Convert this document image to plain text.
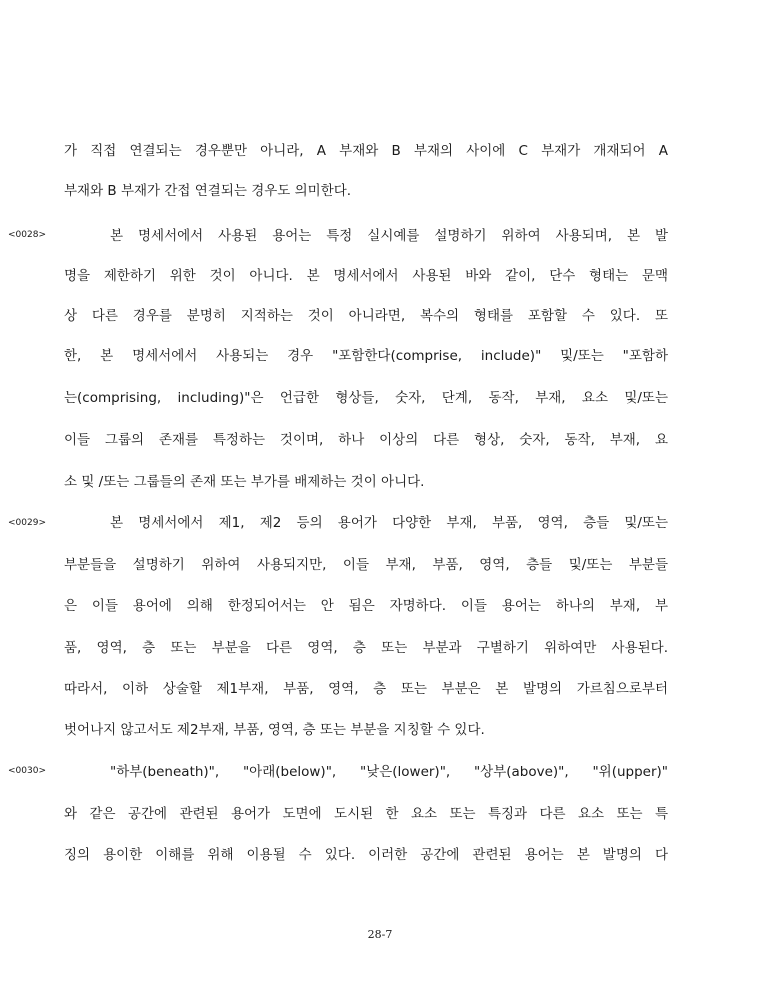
가 직접 연결되는 경우뿐만 아니라, A 부재와 B 부재의 사이에 C 부재가 개재되어 A
부재와 B 부재가 간접 연결되는 경우도 의미한다.
<0028>	본 명세서에서 사용된 용어는 특정 실시예를 설명하기 위하여 사용되며, 본 발
명을 제한하기 위한 것이 아니다. 본 명세서에서 사용된 바와 같이, 단수 형태는 문맥
상 다른 경우를 분명히 지적하는 것이 아니라면, 복수의 형태를 포함할 수 있다. 또
한, 본 명세서에서 사용되는 경우 "포함한다(comprise, include)" 및/또는 "포함하
는(comprising, including)"은 언급한 형상들, 숫자, 단계, 동작, 부재, 요소 및/또는
이들 그룹의 존재를 특정하는 것이며, 하나 이상의 다른 형상, 숫자, 동작, 부재, 요
소 및 /또는 그룹들의 존재 또는 부가를 배제하는 것이 아니다.
<0029>	본 명세서에서 제1, 제2 등의 용어가 다양한 부재, 부품, 영역, 층들 및/또는
부분들을 설명하기 위하여 사용되지만, 이들 부재, 부품, 영역, 층들 및/또는 부분들
은 이들 용어에 의해 한정되어서는 안 됨은 자명하다. 이들 용어는 하나의 부재, 부
품, 영역, 층 또는 부분을 다른 영역, 층 또는 부분과 구별하기 위하여만 사용된다.
따라서, 이하 상술할 제1부재, 부품, 영역, 층 또는 부분은 본 발명의 가르침으로부터
벗어나지 않고서도 제2부재, 부품, 영역, 층 또는 부분을 지칭할 수 있다.
<0030>	"하부(beneath)", "아래(below)", "낮은(lower)", "상부(above)", "위(upper)"
와 같은 공간에 관련된 용어가 도면에 도시된 한 요소 또는 특징과 다른 요소 또는 특
징의 용이한 이해를 위해 이용될 수 있다. 이러한 공간에 관련된 용어는 본 발명의 다
28-7
